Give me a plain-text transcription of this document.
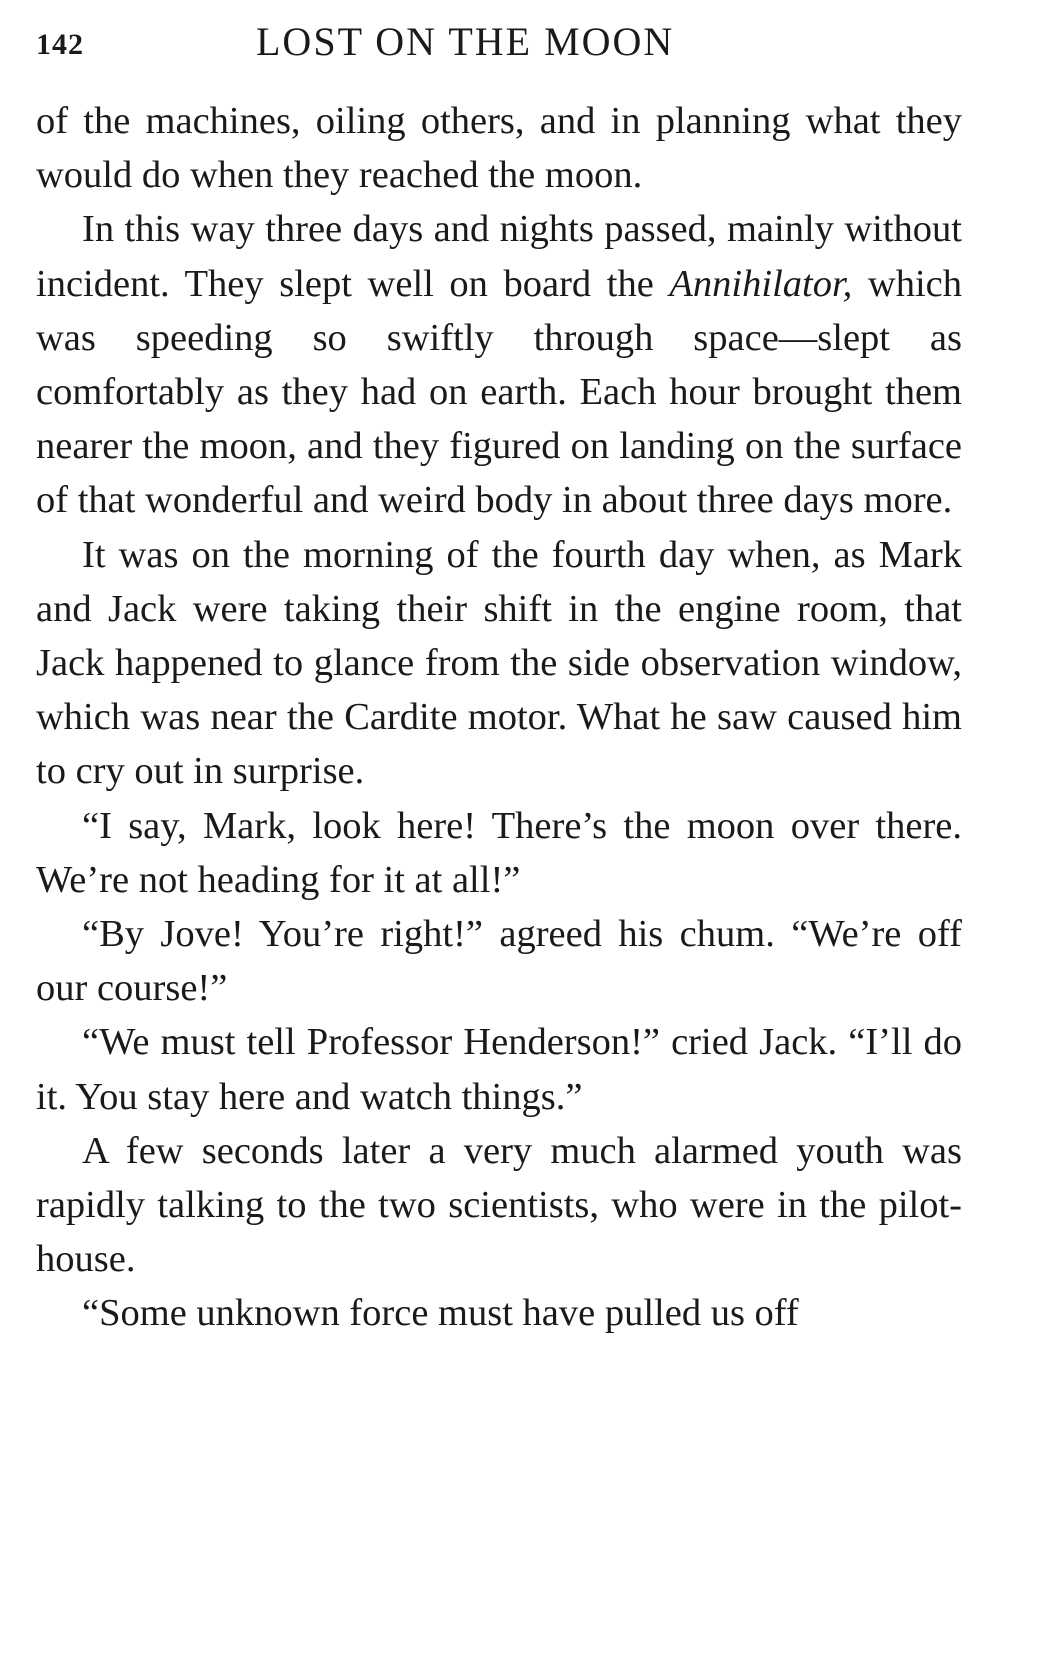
142	LOST ON THE MOON

of the machines, oiling others, and in planning what they would do when they reached the moon.

In this way three days and nights passed, mainly without incident. They slept well on board the Annihilator, which was speeding so swiftly through space—slept as comfortably as they had on earth. Each hour brought them nearer the moon, and they figured on landing on the surface of that wonderful and weird body in about three days more.

It was on the morning of the fourth day when, as Mark and Jack were taking their shift in the engine room, that Jack happened to glance from the side observation window, which was near the Cardite motor. What he saw caused him to cry out in surprise.

“I say, Mark, look here! There’s the moon over there. We’re not heading for it at all!”

“By Jove! You’re right!” agreed his chum. “We’re off our course!”

“We must tell Professor Henderson!” cried Jack. “I’ll do it. You stay here and watch things.”

A few seconds later a very much alarmed youth was rapidly talking to the two scientists, who were in the pilot-house.

“Some unknown force must have pulled us off
